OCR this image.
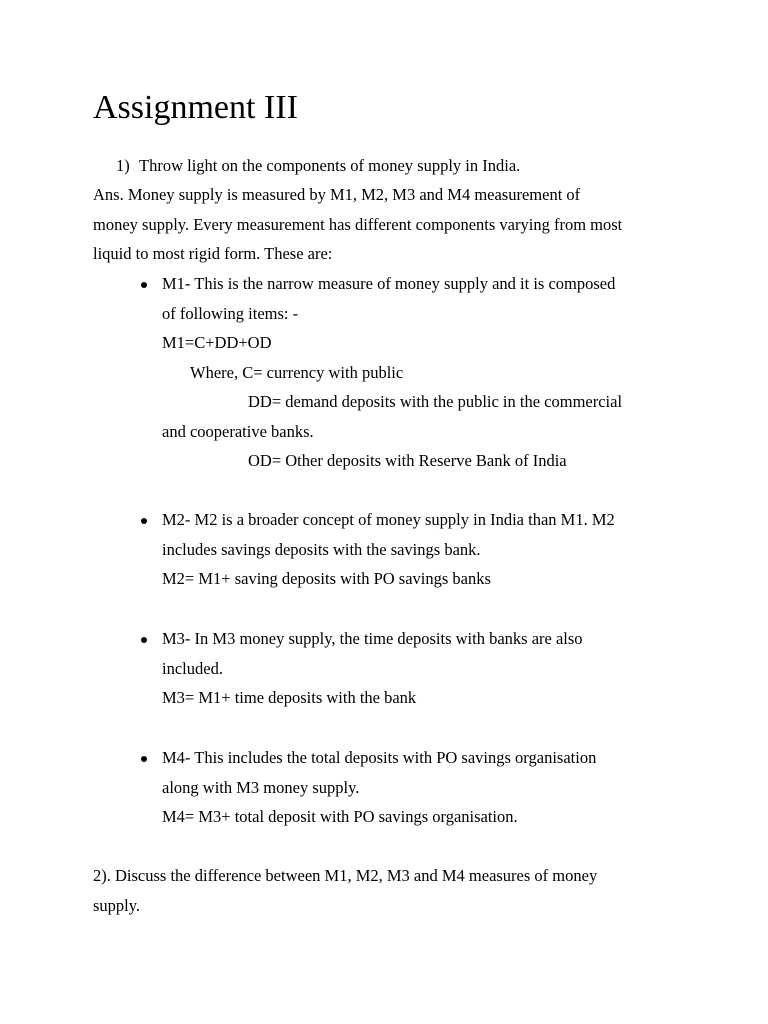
Assignment III
1) Throw light on the components of money supply in India.
Ans. Money supply is measured by M1, M2, M3 and M4 measurement of
money supply. Every measurement has different components varying from most
liquid to most rigid form. These are:
M1- This is the narrow measure of money supply and it is composed
of following items: -
M1=C+DD+OD
Where, C= currency with public
DD= demand deposits with the public in the commercial
and cooperative banks.
OD= Other deposits with Reserve Bank of India
M2- M2 is a broader concept of money supply in India than M1. M2
includes savings deposits with the savings bank.
M2= M1+ saving deposits with PO savings banks
M3- In M3 money supply, the time deposits with banks are also
included.
M3= M1+ time deposits with the bank
M4- This includes the total deposits with PO savings organisation
along with M3 money supply.
M4= M3+ total deposit with PO savings organisation.
2). Discuss the difference between M1, M2, M3 and M4 measures of money
supply.
